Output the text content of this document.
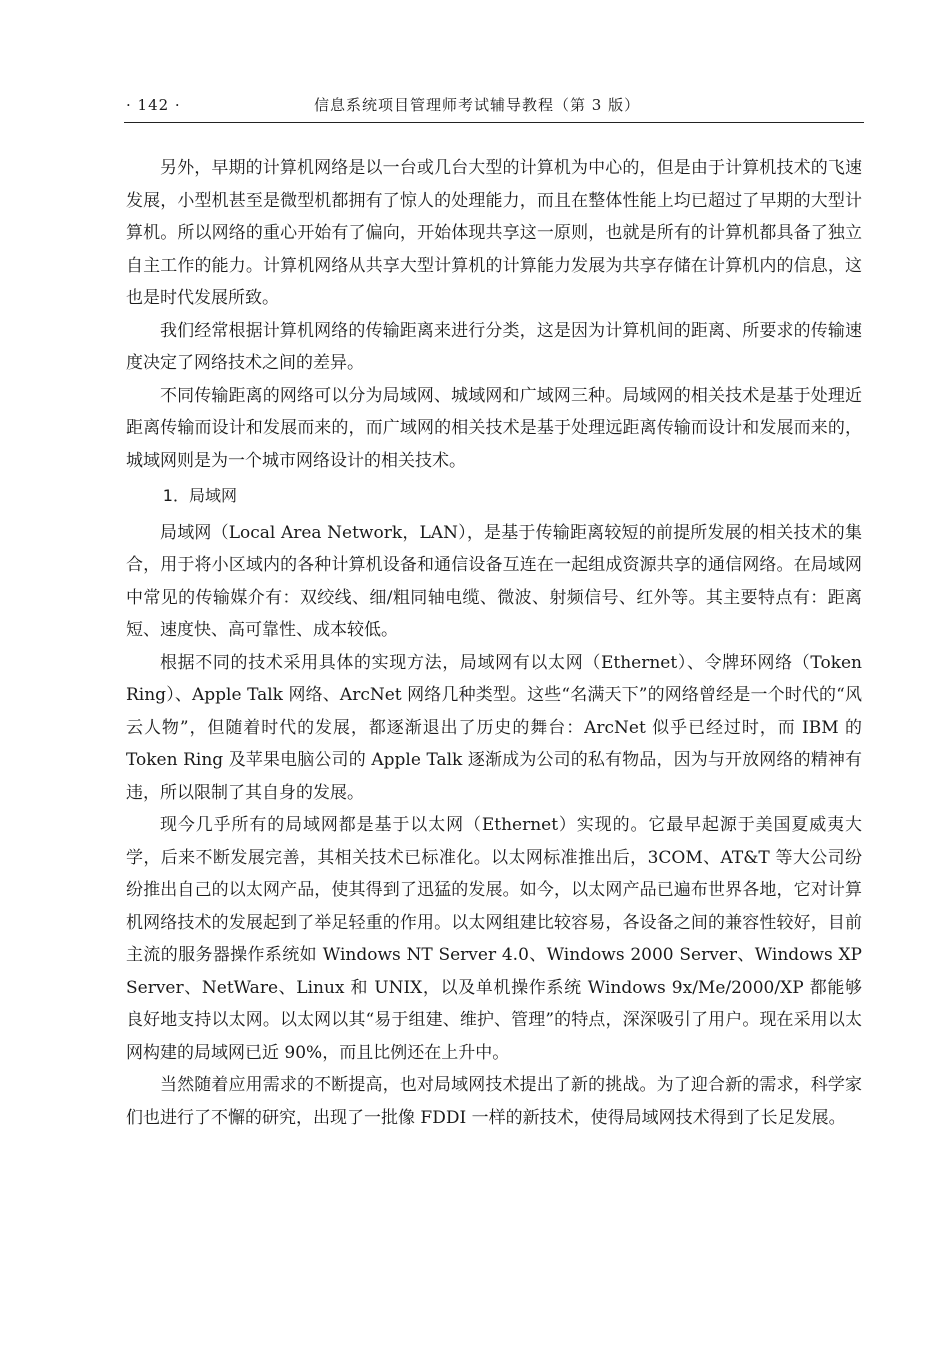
· 142 ·	信息系统项目管理师考试辅导教程（第 3 版）

另外，早期的计算机网络是以一台或几台大型的计算机为中心的，但是由于计算机技术的飞速发展，小型机甚至是微型机都拥有了惊人的处理能力，而且在整体性能上均已超过了早期的大型计算机。所以网络的重心开始有了偏向，开始体现共享这一原则，也就是所有的计算机都具备了独立自主工作的能力。计算机网络从共享大型计算机的计算能力发展为共享存储在计算机内的信息，这也是时代发展所致。

我们经常根据计算机网络的传输距离来进行分类，这是因为计算机间的距离、所要求的传输速度决定了网络技术之间的差异。

不同传输距离的网络可以分为局域网、城域网和广域网三种。局域网的相关技术是基于处理近距离传输而设计和发展而来的，而广域网的相关技术是基于处理远距离传输而设计和发展而来的，城域网则是为一个城市网络设计的相关技术。

1．局域网

局域网（Local Area Network，LAN），是基于传输距离较短的前提所发展的相关技术的集合，用于将小区域内的各种计算机设备和通信设备互连在一起组成资源共享的通信网络。在局域网中常见的传输媒介有：双绞线、细/粗同轴电缆、微波、射频信号、红外等。其主要特点有：距离短、速度快、高可靠性、成本较低。

根据不同的技术采用具体的实现方法，局域网有以太网（Ethernet）、令牌环网络（Token Ring）、Apple Talk 网络、ArcNet 网络几种类型。这些“名满天下”的网络曾经是一个时代的“风云人物”，但随着时代的发展，都逐渐退出了历史的舞台：ArcNet 似乎已经过时，而 IBM 的 Token Ring 及苹果电脑公司的 Apple Talk 逐渐成为公司的私有物品，因为与开放网络的精神有违，所以限制了其自身的发展。

现今几乎所有的局域网都是基于以太网（Ethernet）实现的。它最早起源于美国夏威夷大学，后来不断发展完善，其相关技术已标准化。以太网标准推出后，3COM、AT&T 等大公司纷纷推出自己的以太网产品，使其得到了迅猛的发展。如今，以太网产品已遍布世界各地，它对计算机网络技术的发展起到了举足轻重的作用。以太网组建比较容易，各设备之间的兼容性较好，目前主流的服务器操作系统如 Windows NT Server 4.0、Windows 2000 Server、Windows XP Server、NetWare、Linux 和 UNIX，以及单机操作系统 Windows 9x/Me/2000/XP 都能够良好地支持以太网。以太网以其“易于组建、维护、管理”的特点，深深吸引了用户。现在采用以太网构建的局域网已近 90%，而且比例还在上升中。

当然随着应用需求的不断提高，也对局域网技术提出了新的挑战。为了迎合新的需求，科学家们也进行了不懈的研究，出现了一批像 FDDI 一样的新技术，使得局域网技术得到了长足发展。
